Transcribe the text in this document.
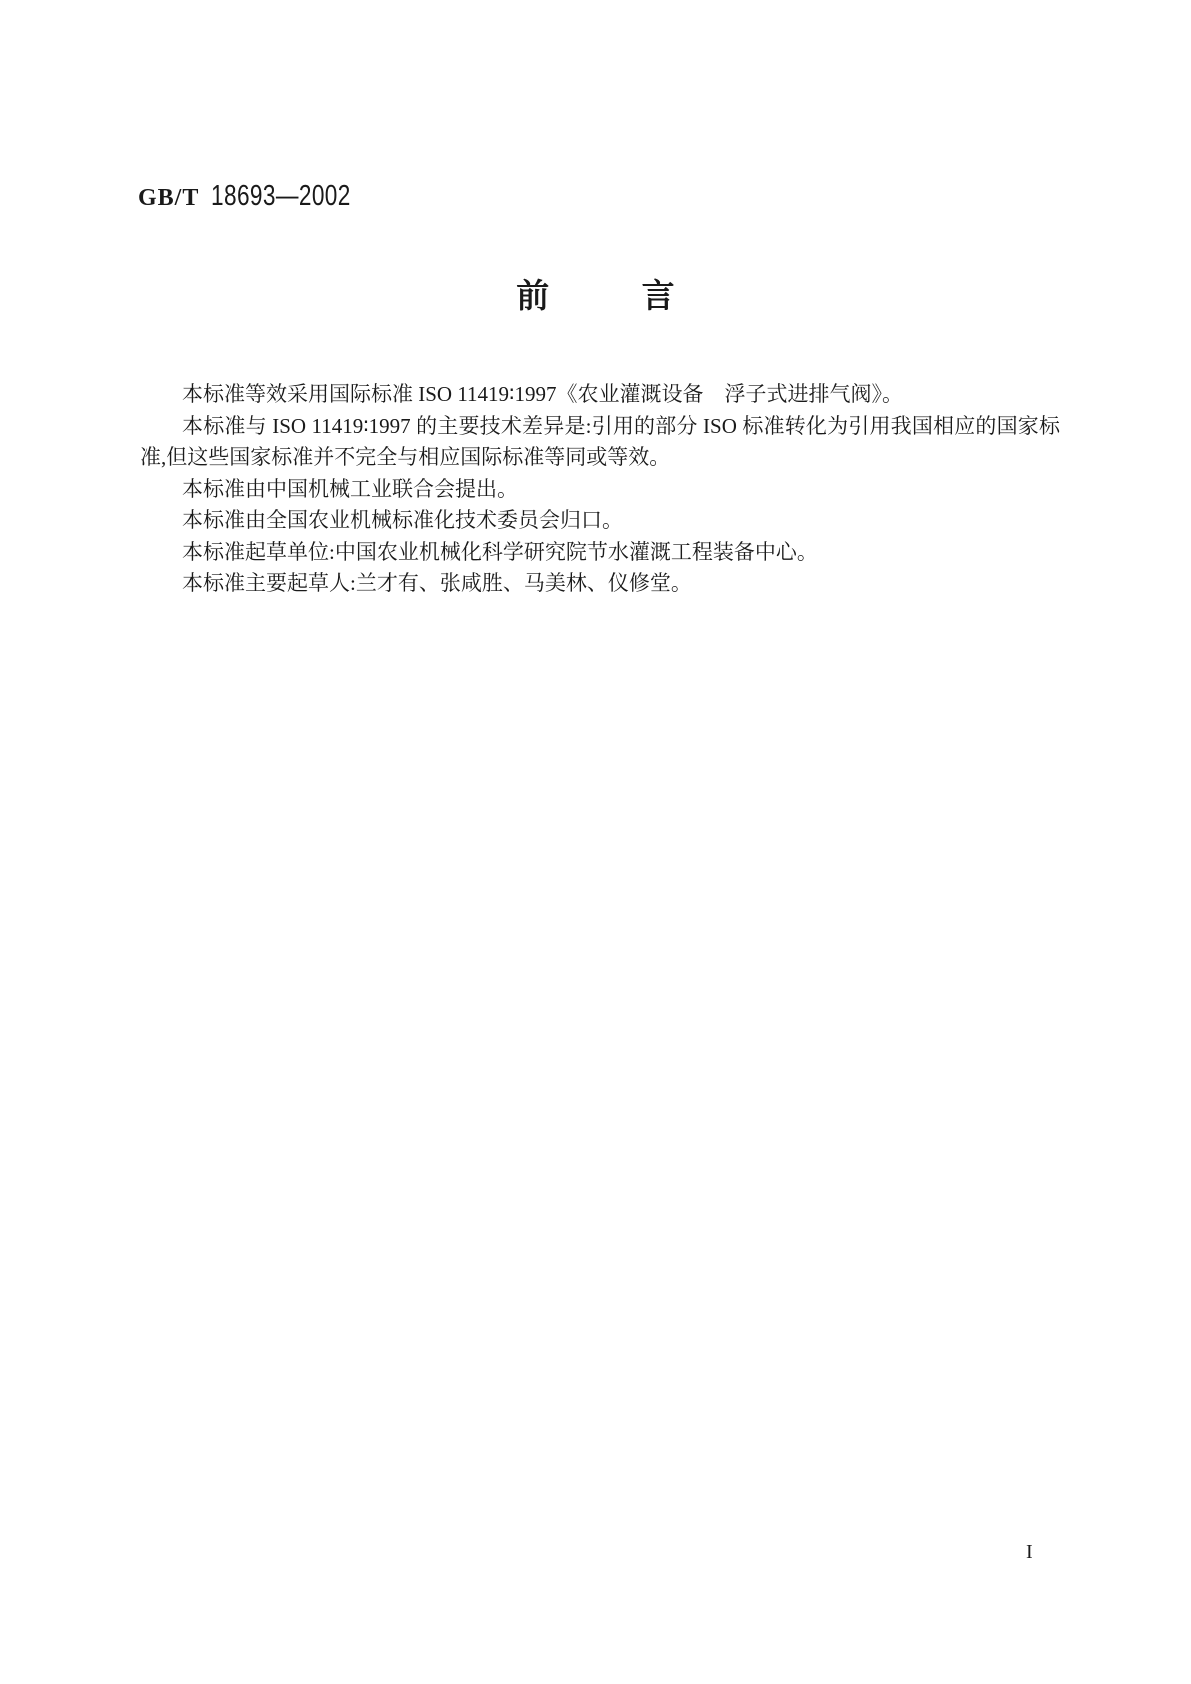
GB/T 18693—2002
前言

本标准等效采用国际标准 ISO 11419∶1997《农业灌溉设备　浮子式进排气阀》。

本标准与 ISO 11419∶1997 的主要技术差异是:引用的部分 ISO 标准转化为引用我国相应的国家标准,但这些国家标准并不完全与相应国际标准等同或等效。

本标准由中国机械工业联合会提出。

本标准由全国农业机械标准化技术委员会归口。

本标准起草单位:中国农业机械化科学研究院节水灌溉工程装备中心。

本标准主要起草人:兰才有、张咸胜、马美林、仪修堂。

I
